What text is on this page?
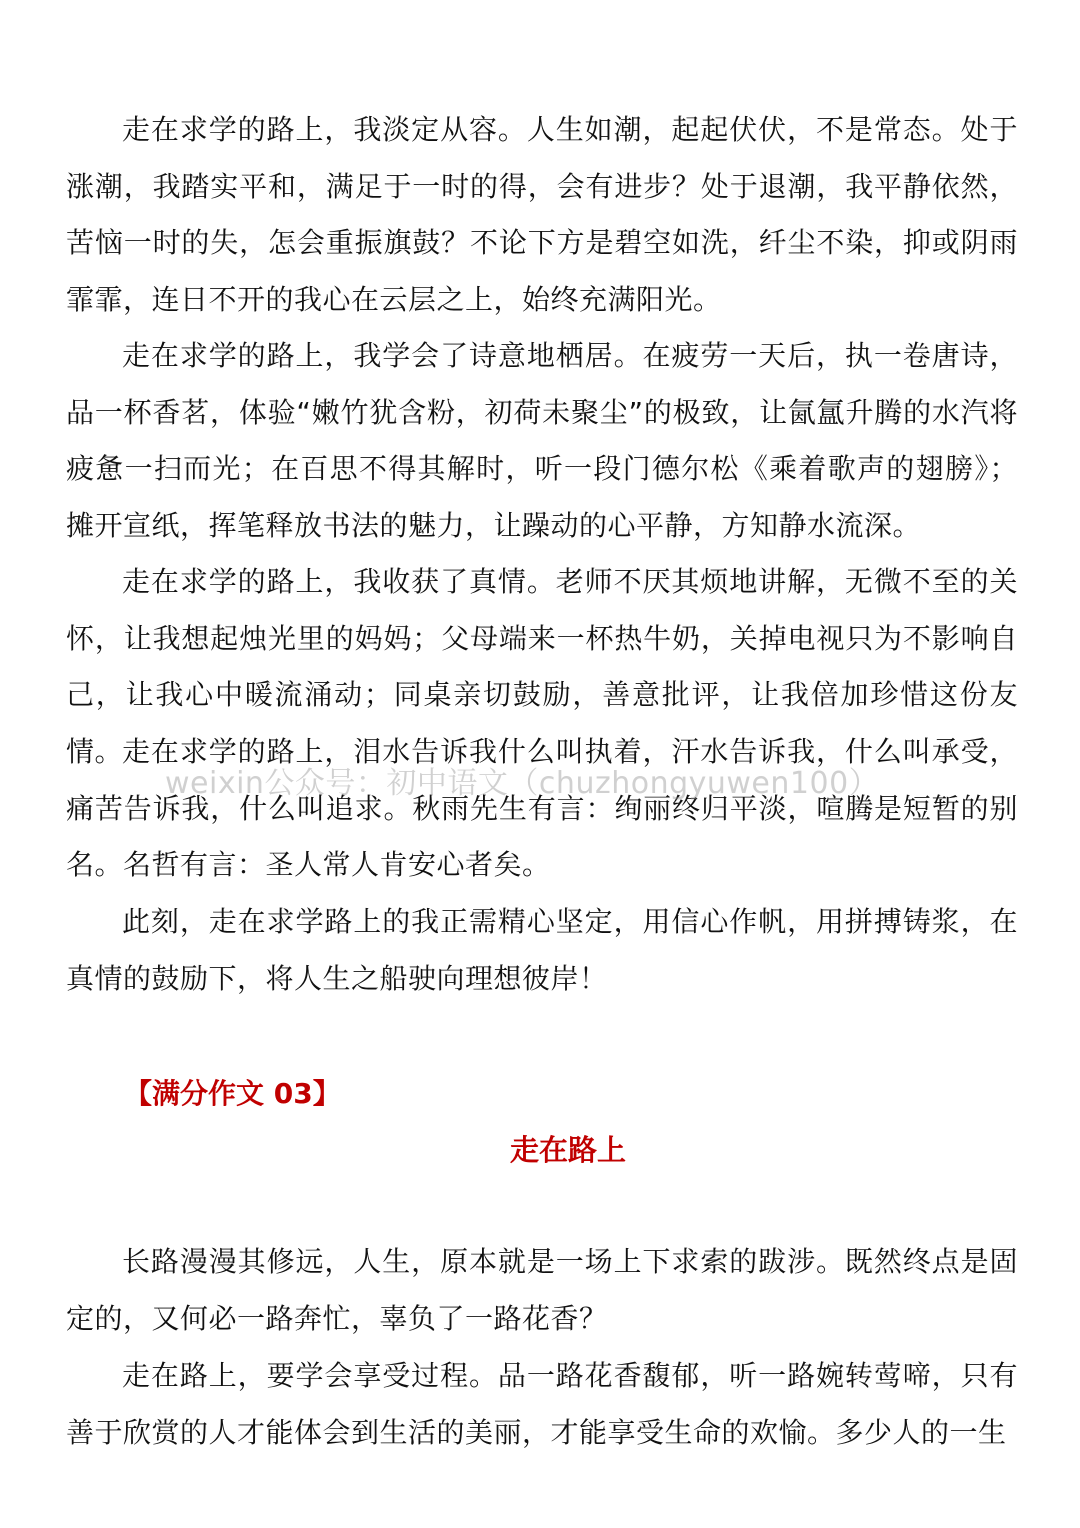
走在求学的路上，我淡定从容。人生如潮，起起伏伏，不是常态。处于涨潮，我踏实平和，满足于一时的得，会有进步？处于退潮，我平静依然，苦恼一时的失，怎会重振旗鼓？不论下方是碧空如洗，纤尘不染，抑或阴雨霏霏，连日不开的我心在云层之上，始终充满阳光。

走在求学的路上，我学会了诗意地栖居。在疲劳一天后，执一卷唐诗，品一杯香茗，体验“嫩竹犹含粉，初荷未聚尘”的极致，让氤氲升腾的水汽将疲惫一扫而光；在百思不得其解时，听一段门德尔松《乘着歌声的翅膀》；摊开宣纸，挥笔释放书法的魅力，让躁动的心平静，方知静水流深。

走在求学的路上，我收获了真情。老师不厌其烦地讲解，无微不至的关怀，让我想起烛光里的妈妈；父母端来一杯热牛奶，关掉电视只为不影响自己，让我心中暖流涌动；同桌亲切鼓励，善意批评，让我倍加珍惜这份友情。

走在求学的路上，泪水告诉我什么叫执着，汗水告诉我，什么叫承受，痛苦告诉我，什么叫追求。秋雨先生有言：绚丽终归平淡，喧腾是短暂的别名。名哲有言：圣人常人肯安心者矣。

此刻，走在求学路上的我正需精心坚定，用信心作帆，用拼搏铸浆，在真情的鼓励下，将人生之船驶向理想彼岸！

weixin公众号：初中语文（chuzhongyuwen100）

【满分作文 03】

走在路上

长路漫漫其修远，人生，原本就是一场上下求索的跋涉。既然终点是固定的，又何必一路奔忙，辜负了一路花香？

走在路上，要学会享受过程。品一路花香馥郁，听一路婉转莺啼，只有善于欣赏的人才能体会到生活的美丽，才能享受生命的欢愉。多少人的一生
